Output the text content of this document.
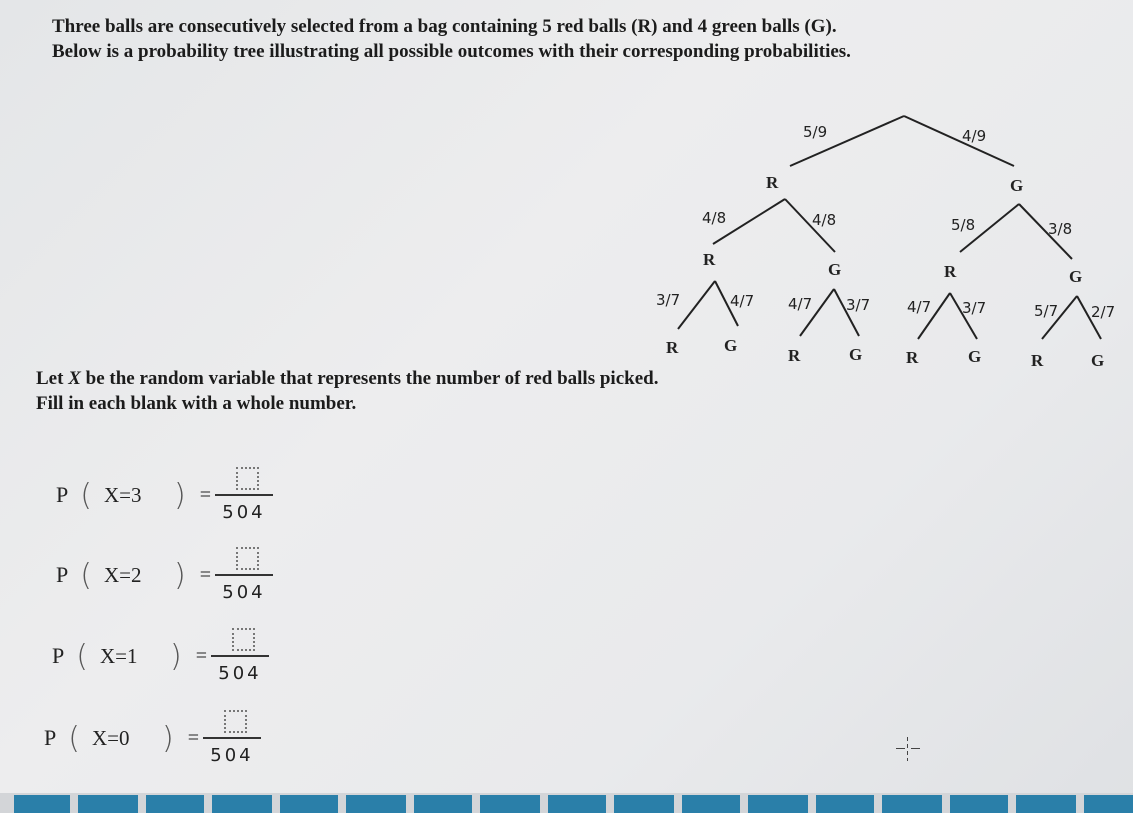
Three balls are consecutively selected from a bag containing 5 red balls (R) and 4 green balls (G).

Below is a probability tree illustrating all possible outcomes with their corresponding probabilities.

5/9	4/9
R	G
4/8	4/8	5/8	3/8
R
G	R	G
3/7	4/7 4/7 3/7 4/7 3/7	5/7 2/7
R	G
R	G	R	G	R	G

Let X be the random variable that represents the number of red balls picked.

Fill in each blank with a whole number.

P ( X=3	) =
504
P ( X=2	) =
504
P ( X=1	) =
504
P ( X=0	) =
504
